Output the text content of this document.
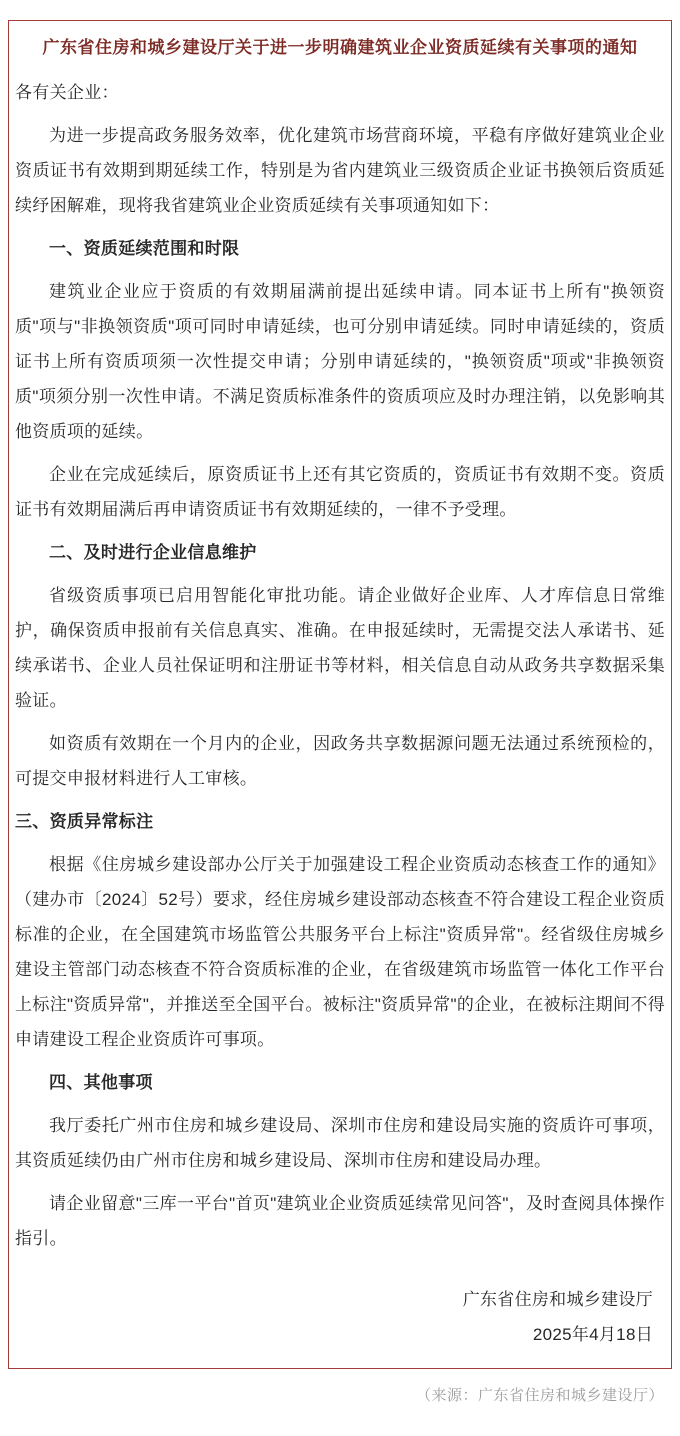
广东省住房和城乡建设厅关于进一步明确建筑业企业资质延续有关事项的通知
各有关企业：
为进一步提高政务服务效率，优化建筑市场营商环境，平稳有序做好建筑业企业资质证书有效期到期延续工作，特别是为省内建筑业三级资质企业证书换领后资质延续纾困解难，现将我省建筑业企业资质延续有关事项通知如下：
一、资质延续范围和时限
建筑业企业应于资质的有效期届满前提出延续申请。同本证书上所有"换领资质"项与"非换领资质"项可同时申请延续，也可分别申请延续。同时申请延续的，资质证书上所有资质项须一次性提交申请；分别申请延续的，"换领资质"项或"非换领资质"项须分别一次性申请。不满足资质标准条件的资质项应及时办理注销，以免影响其他资质项的延续。
企业在完成延续后，原资质证书上还有其它资质的，资质证书有效期不变。资质证书有效期届满后再申请资质证书有效期延续的，一律不予受理。
二、及时进行企业信息维护
省级资质事项已启用智能化审批功能。请企业做好企业库、人才库信息日常维护，确保资质申报前有关信息真实、准确。在申报延续时，无需提交法人承诺书、延续承诺书、企业人员社保证明和注册证书等材料，相关信息自动从政务共享数据采集验证。
如资质有效期在一个月内的企业，因政务共享数据源问题无法通过系统预检的，可提交申报材料进行人工审核。
三、资质异常标注
根据《住房城乡建设部办公厅关于加强建设工程企业资质动态核查工作的通知》（建办市〔2024〕52号）要求，经住房城乡建设部动态核查不符合建设工程企业资质标准的企业，在全国建筑市场监管公共服务平台上标注"资质异常"。经省级住房城乡建设主管部门动态核查不符合资质标准的企业，在省级建筑市场监管一体化工作平台上标注"资质异常"，并推送至全国平台。被标注"资质异常"的企业，在被标注期间不得申请建设工程企业资质许可事项。
四、其他事项
我厅委托广州市住房和城乡建设局、深圳市住房和建设局实施的资质许可事项，其资质延续仍由广州市住房和城乡建设局、深圳市住房和建设局办理。
请企业留意"三库一平台"首页"建筑业企业资质延续常见问答"，及时查阅具体操作指引。
广东省住房和城乡建设厅
2025年4月18日
（来源：广东省住房和城乡建设厅）
